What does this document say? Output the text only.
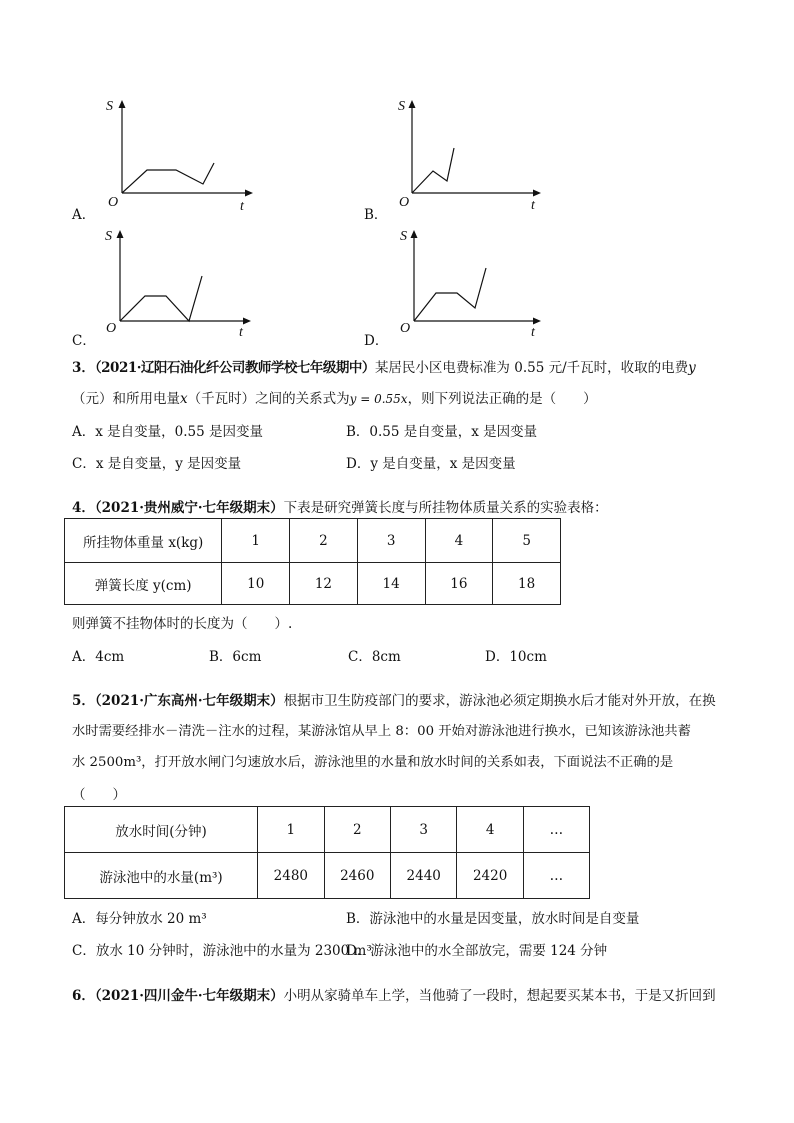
S
t
O
A．
S
t
O
B．
S
t
O
C．
S
t
O
D．
3．（2021·辽阳石油化纤公司教师学校七年级期中）某居民小区电费标准为 0.55 元/千瓦时，收取的电费y
（元）和所用电量x（千瓦时）之间的关系式为y = 0.55x，则下列说法正确的是（　　）
A．x 是自变量，0.55 是因变量	B．0.55 是自变量，x 是因变量
C．x 是自变量，y 是因变量	D．y 是自变量，x 是因变量
4．（2021·贵州威宁·七年级期末）下表是研究弹簧长度与所挂物体质量关系的实验表格：
所挂物体重量 x(kg)	1	2	3	4	5
弹簧长度 y(cm)	10	12	14	16	18
则弹簧不挂物体时的长度为（　　）.
A．4cm	B．6cm	C．8cm	D．10cm
5．（2021·广东高州·七年级期末）根据市卫生防疫部门的要求，游泳池必须定期换水后才能对外开放，在换
水时需要经排水－清洗－注水的过程，某游泳馆从早上 8：00 开始对游泳池进行换水，已知该游泳池共蓄
水 2500m³，打开放水闸门匀速放水后，游泳池里的水量和放水时间的关系如表，下面说法不正确的是
（　　）
放水时间(分钟)	1	2	3	4	…
游泳池中的水量(m³)	2480	2460	2440	2420	…
A．每分钟放水 20 m³	B．游泳池中的水量是因变量，放水时间是自变量
C．放水 10 分钟时，游泳池中的水量为 2300 m³
D．游泳池中的水全部放完，需要 124 分钟
6．（2021·四川金牛·七年级期末）小明从家骑单车上学，当他骑了一段时，想起要买某本书，于是又折回到
